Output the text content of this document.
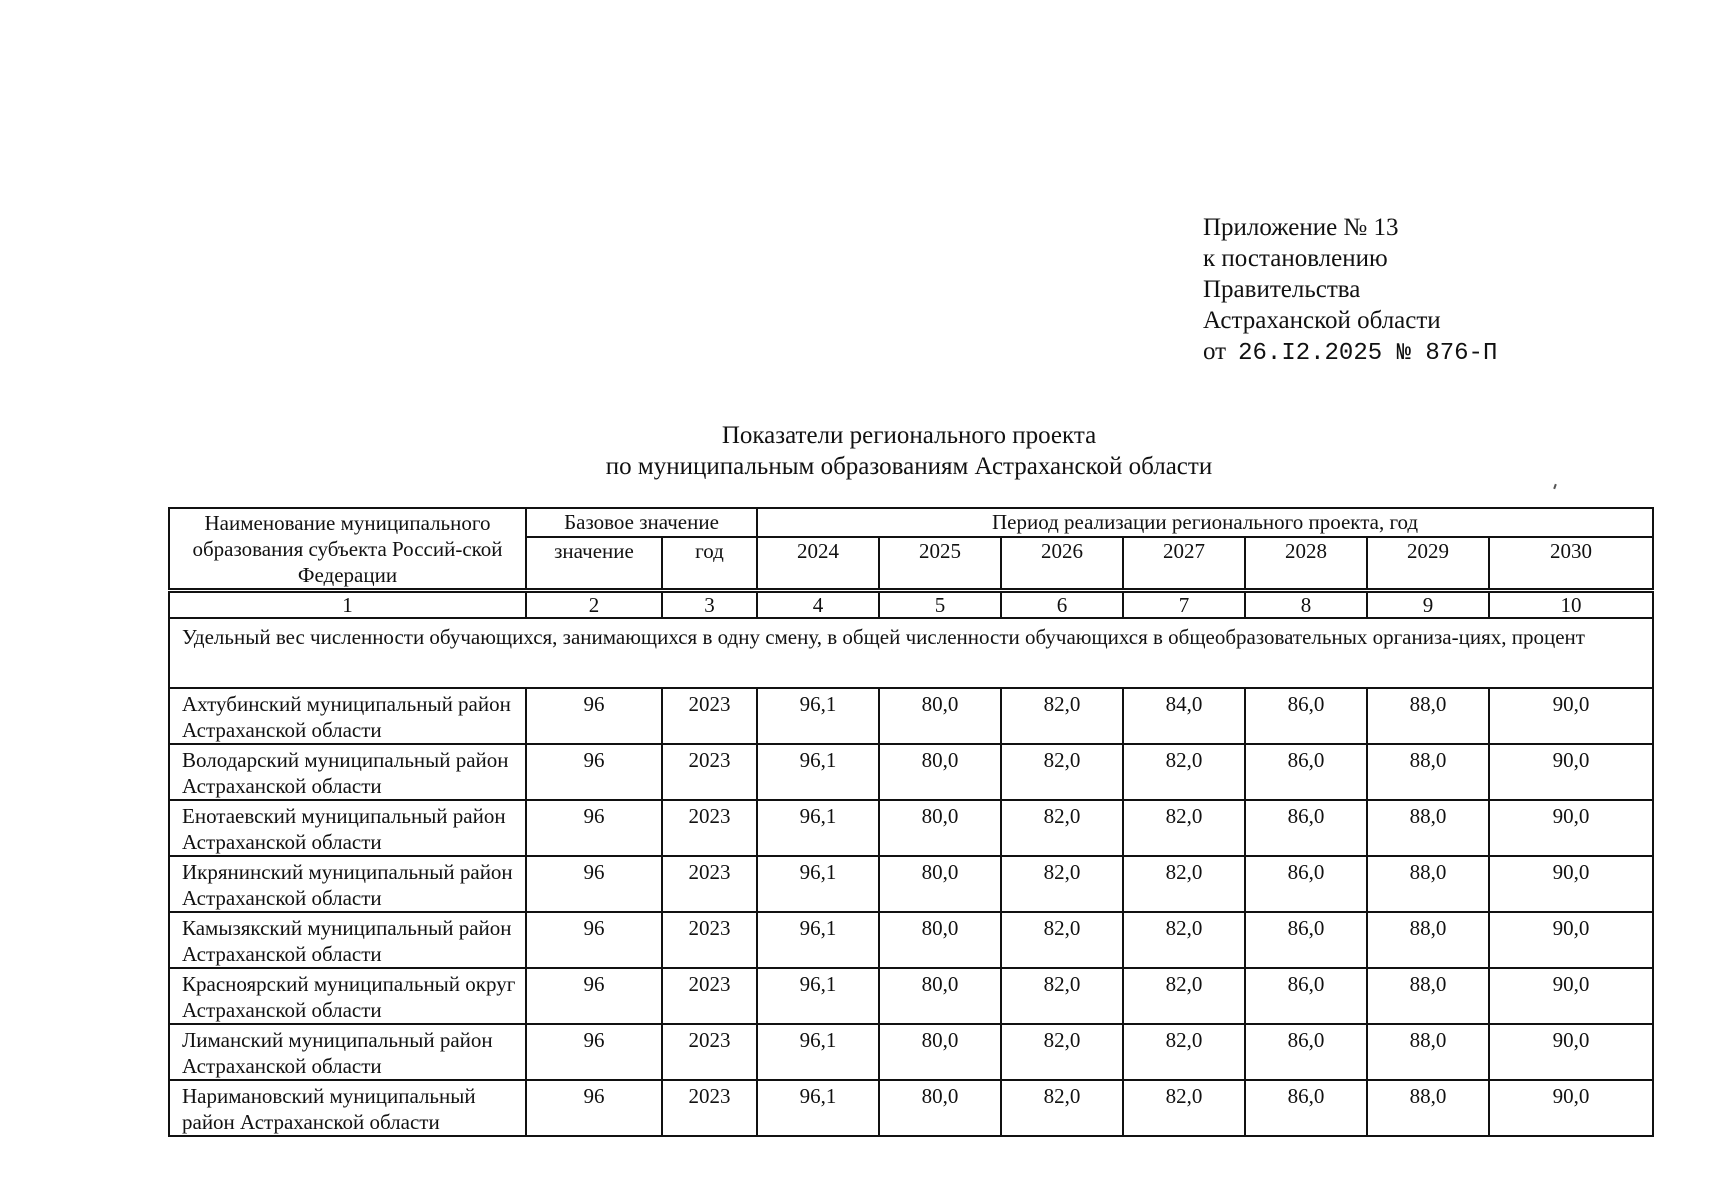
Приложение № 13
к постановлению
Правительства
Астраханской области
от 26.I2.2025 № 876-П
Показатели регионального проекта
по муниципальным образованиям Астраханской области
Наименование муниципального образования субъекта Россий-ской Федерации	Базовое значение		Период реализации регионального проекта, год						
	значение	год	2024	2025	2026	2027	2028	2029	2030
1	2	3	4	5	6	7	8	9	10
Удельный вес численности обучающихся, занимающихся в одну смену, в общей численности обучающихся в общеобразовательных организа-циях, процент									
Ахтубинский муниципальный район Астраханской области	96	2023	96,1	80,0	82,0	84,0	86,0	88,0	90,0
Володарский муниципальный район Астраханской области	96	2023	96,1	80,0	82,0	82,0	86,0	88,0	90,0
Енотаевский муниципальный район Астраханской области	96	2023	96,1	80,0	82,0	82,0	86,0	88,0	90,0
Икрянинский муниципальный район Астраханской области	96	2023	96,1	80,0	82,0	82,0	86,0	88,0	90,0
Камызякский муниципальный район Астраханской области	96	2023	96,1	80,0	82,0	82,0	86,0	88,0	90,0
Красноярский муниципальный округ Астраханской области	96	2023	96,1	80,0	82,0	82,0	86,0	88,0	90,0
Лиманский муниципальный район Астраханской области	96	2023	96,1	80,0	82,0	82,0	86,0	88,0	90,0
Наримановский муниципальный район Астраханской области	96	2023	96,1	80,0	82,0	82,0	86,0	88,0	90,0
